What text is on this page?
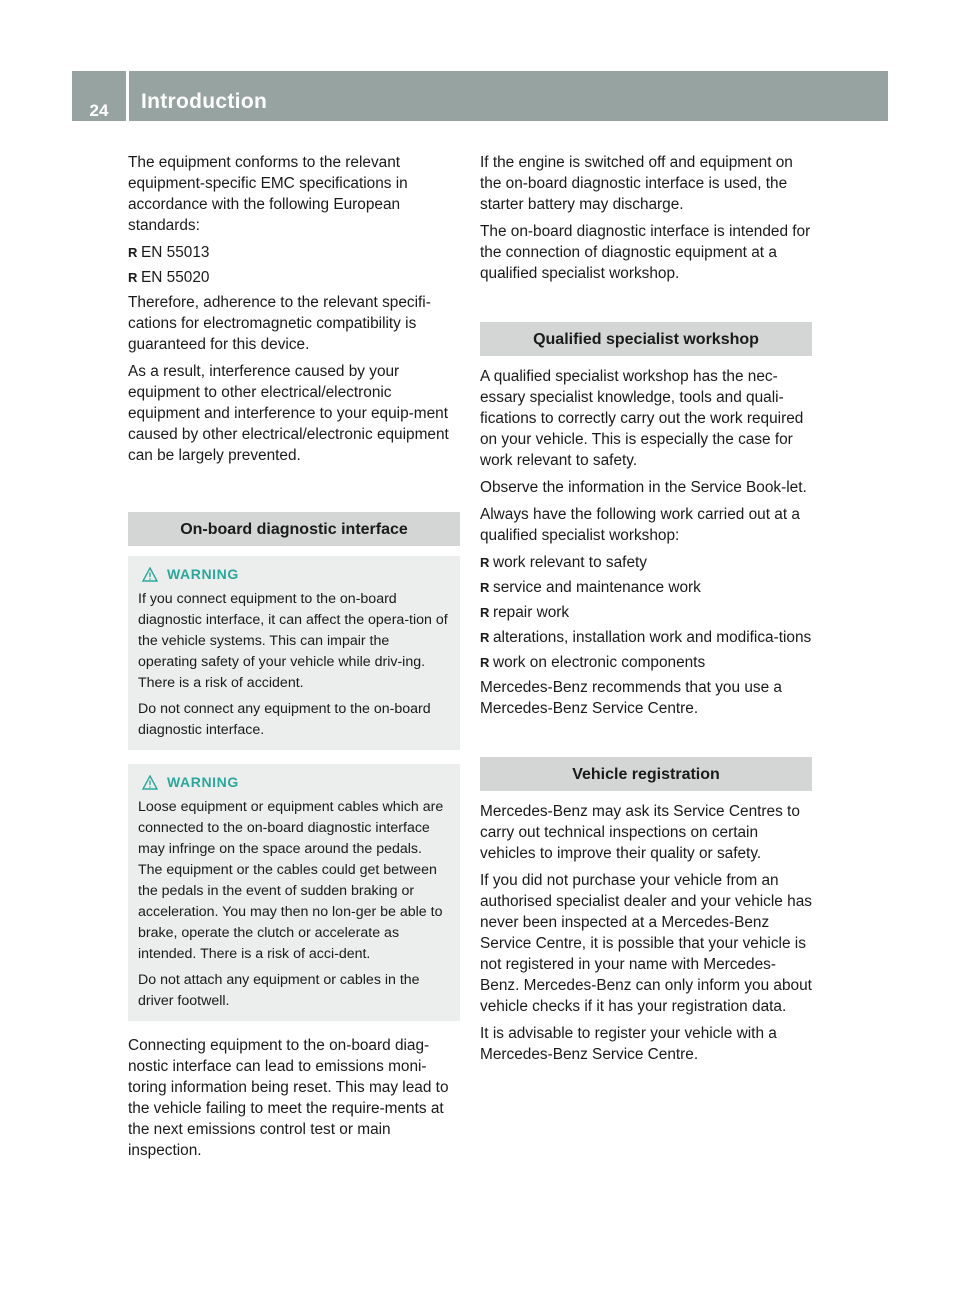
24	Introduction

The equipment conforms to the relevant equipment-specific EMC specifications in accordance with the following European standards:

R EN 55013
R EN 55020

Therefore, adherence to the relevant specifi-cations for electromagnetic compatibility is guaranteed for this device.

As a result, interference caused by your equipment to other electrical/electronic equipment and interference to your equip-ment caused by other electrical/electronic equipment can be largely prevented.

On-board diagnostic interface
WARNING

If you connect equipment to the on-board diagnostic interface, it can affect the opera-tion of the vehicle systems. This can impair the operating safety of your vehicle while driv-ing. There is a risk of accident.

Do not connect any equipment to the on-board diagnostic interface.

WARNING

Loose equipment or equipment cables which are connected to the on-board diagnostic interface may infringe on the space around the pedals. The equipment or the cables could get between the pedals in the event of sudden braking or acceleration. You may then no lon-ger be able to brake, operate the clutch or accelerate as intended. There is a risk of acci-dent.

Do not attach any equipment or cables in the driver footwell.

Connecting equipment to the on-board diag-nostic interface can lead to emissions moni-toring information being reset. This may lead to the vehicle failing to meet the require-ments at the next emissions control test or main inspection.

If the engine is switched off and equipment on the on-board diagnostic interface is used, the starter battery may discharge.

The on-board diagnostic interface is intended for the connection of diagnostic equipment at a qualified specialist workshop.

Qualified specialist workshop

A qualified specialist workshop has the nec-essary specialist knowledge, tools and quali-fications to correctly carry out the work required on your vehicle. This is especially the case for work relevant to safety.

Observe the information in the Service Book-let.

Always have the following work carried out at a qualified specialist workshop:

R work relevant to safety
R service and maintenance work
R repair work
R alterations, installation work and modifica-tions
R work on electronic components

Mercedes-Benz recommends that you use a Mercedes-Benz Service Centre.

Vehicle registration

Mercedes-Benz may ask its Service Centres to carry out technical inspections on certain vehicles to improve their quality or safety.

If you did not purchase your vehicle from an authorised specialist dealer and your vehicle has never been inspected at a Mercedes-Benz Service Centre, it is possible that your vehicle is not registered in your name with Mercedes-Benz. Mercedes-Benz can only inform you about vehicle checks if it has your registration data.

It is advisable to register your vehicle with a Mercedes-Benz Service Centre.
